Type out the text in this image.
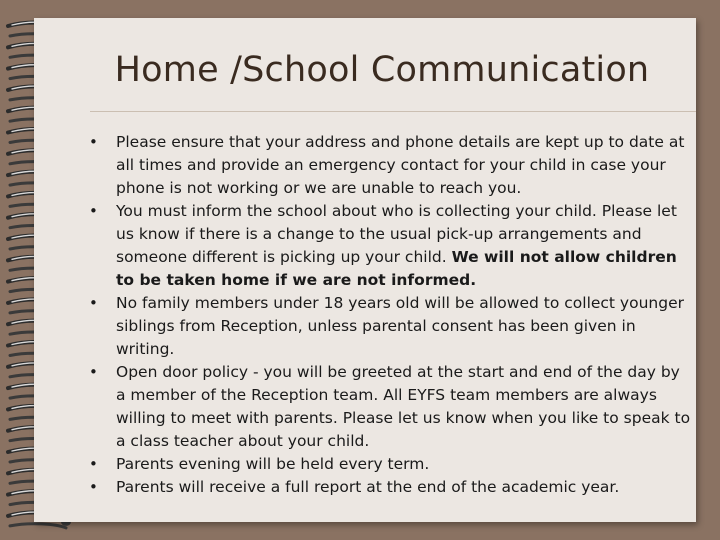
Home /School Communication
• Please ensure that your address and phone details are kept up to date at all times and provide an emergency contact for your child in case your phone is not working or we are unable to reach you.
• You must inform the school about who is collecting your child. Please let us know if there is a change to the usual pick-up arrangements and someone different is picking up your child. We will not allow children to be taken home if we are not informed.
• No family members under 18 years old will be allowed to collect younger siblings from Reception, unless parental consent has been given in writing.
• Open door policy - you will be greeted at the start and end of the day by a member of the Reception team. All EYFS team members are always willing to meet with parents. Please let us know when you like to speak to a class teacher about your child.
• Parents evening will be held every term.
• Parents will receive a full report at the end of the academic year.
